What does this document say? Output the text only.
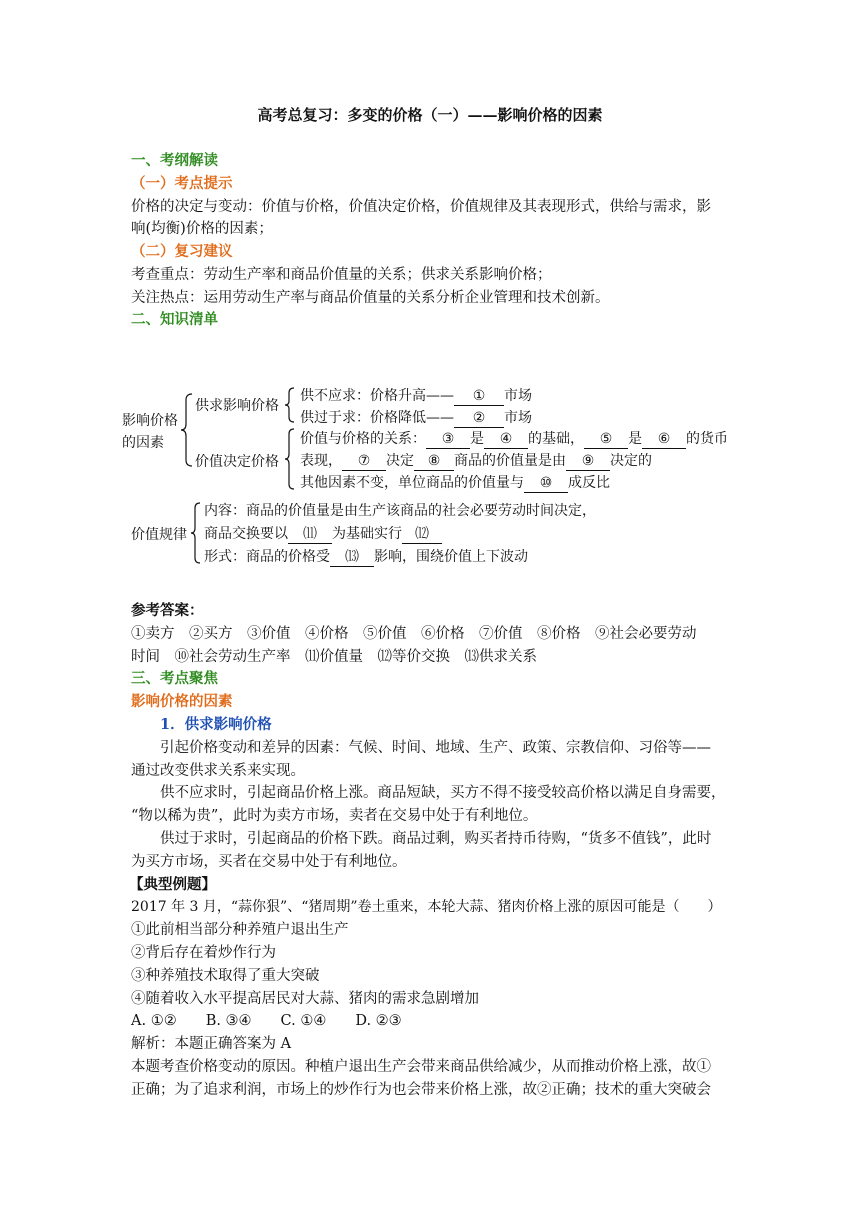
高考总复习：多变的价格（一）——影响价格的因素
一、考纲解读
（一）考点提示
价格的决定与变动：价值与价格，价值决定价格，价值规律及其表现形式，供给与需求，影
响(均衡)价格的因素；
（二）复习建议
考查重点：劳动生产率和商品价值量的关系；供求关系影响价格；
关注热点：运用劳动生产率与商品价值量的关系分析企业管理和技术创新。
二、知识清单
影响价格
的因素
供求影响价格
供不应求：价格升高—— ① 市场
供过于求：价格降低—— ② 市场
价值决定价格
价值与价格的关系： ③ 是 ④ 的基础， ⑤ 是 ⑥ 的货币
表现， ⑦ 决定 ⑧ 商品的价值量是由 ⑨ 决定的
其他因素不变，单位商品的价值量与 ⑩ 成反比
价值规律
内容：商品的价值量是由生产该商品的社会必要劳动时间决定，
商品交换要以 ⑾ 为基础实行 ⑿
形式：商品的价格受 ⒀ 影响，围绕价值上下波动
参考答案：
①卖方　②买方　③价值　④价格　⑤价值　⑥价格　⑦价值　⑧价格　⑨社会必要劳动
时间　⑩社会劳动生产率　⑾价值量　⑿等价交换　⒀供求关系
三、考点聚焦
影响价格的因素
1．供求影响价格
引起价格变动和差异的因素：气候、时间、地域、生产、政策、宗教信仰、习俗等——
通过改变供求关系来实现。
供不应求时，引起商品价格上涨。商品短缺，买方不得不接受较高价格以满足自身需要，
“物以稀为贵”，此时为卖方市场，卖者在交易中处于有利地位。
供过于求时，引起商品的价格下跌。商品过剩，购买者持币待购，“货多不值钱”，此时
为买方市场，买者在交易中处于有利地位。
【典型例题】
2017 年 3 月，“蒜你狠”、“猪周期”卷土重来，本轮大蒜、猪肉价格上涨的原因可能是（　　）
①此前相当部分种养殖户退出生产
②背后存在着炒作行为
③种养殖技术取得了重大突破
④随着收入水平提高居民对大蒜、猪肉的需求急剧增加
A. ①②　　B. ③④　　C. ①④　　D. ②③
解析：本题正确答案为 A
本题考查价格变动的原因。种植户退出生产会带来商品供给减少，从而推动价格上涨，故①
正确；为了追求利润，市场上的炒作行为也会带来价格上涨，故②正确；技术的重大突破会
